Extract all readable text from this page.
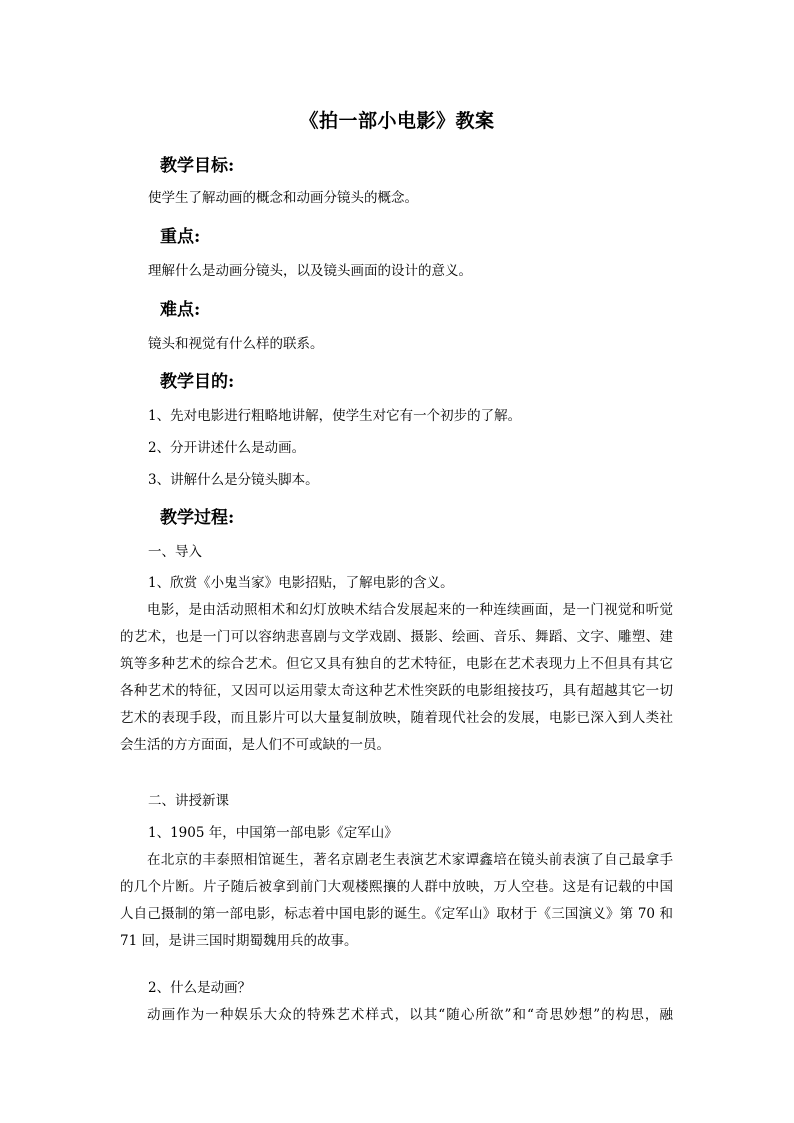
《拍一部小电影》教案
教学目标:
使学生了解动画的概念和动画分镜头的概念。
重点:
理解什么是动画分镜头，以及镜头画面的设计的意义。
难点:
镜头和视觉有什么样的联系。
教学目的:
1、先对电影进行粗略地讲解，使学生对它有一个初步的了解。
2、分开讲述什么是动画。
3、讲解什么是分镜头脚本。
教学过程:
一、导入
1、欣赏《小鬼当家》电影招贴，了解电影的含义。
电影，是由活动照相术和幻灯放映术结合发展起来的一种连续画面，是一门视觉和听觉的艺术，也是一门可以容纳悲喜剧与文学戏剧、摄影、绘画、音乐、舞蹈、文字、雕塑、建筑等多种艺术的综合艺术。但它又具有独自的艺术特征，电影在艺术表现力上不但具有其它各种艺术的特征，又因可以运用蒙太奇这种艺术性突跃的电影组接技巧，具有超越其它一切艺术的表现手段，而且影片可以大量复制放映，随着现代社会的发展，电影已深入到人类社会生活的方方面面，是人们不可或缺的一员。
二、讲授新课
1、1905 年，中国第一部电影《定军山》
在北京的丰泰照相馆诞生，著名京剧老生表演艺术家谭鑫培在镜头前表演了自己最拿手的几个片断。片子随后被拿到前门大观楼熙攘的人群中放映，万人空巷。这是有记载的中国人自己摄制的第一部电影，标志着中国电影的诞生。《定军山》取材于《三国演义》第 70 和 71 回，是讲三国时期蜀魏用兵的故事。
2、什么是动画？
动画作为一种娱乐大众的特殊艺术样式，以其“随心所欲”和“奇思妙想”的构思，融
